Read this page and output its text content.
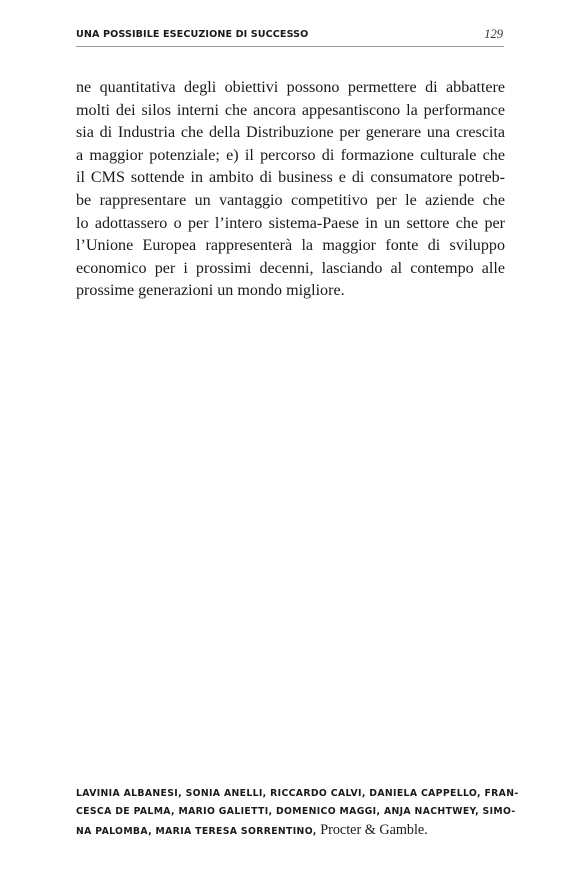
UNA POSSIBILE ESECUZIONE DI SUCCESSO	129
ne quantitativa degli obiettivi possono permettere di abbattere
molti dei silos interni che ancora appesantiscono la performance
sia di Industria che della Distribuzione per generare una crescita
a maggior potenziale; e) il percorso di formazione culturale che
il CMS sottende in ambito di business e di consumatore potreb-
be rappresentare un vantaggio competitivo per le aziende che
lo adottassero o per l’intero sistema-Paese in un settore che per
l’Unione Europea rappresenterà la maggior fonte di sviluppo
economico per i prossimi decenni, lasciando al contempo alle
prossime generazioni un mondo migliore.
LAVINIA ALBANESI, SONIA ANELLI, RICCARDO CALVI, DANIELA CAPPELLO, FRAN-
CESCA DE PALMA, MARIO GALIETTI, DOMENICO MAGGI, ANJA NACHTWEY, SIMO-
NA PALOMBA, MARIA TERESA SORRENTINO, Procter & Gamble.
